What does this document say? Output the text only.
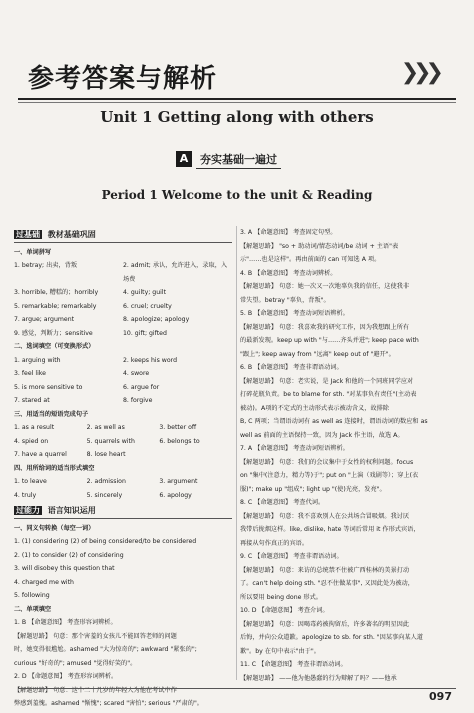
参考答案与解析	❯❯❯
Unit 1 Getting along with others
A	夯实基础一遍过
Period 1 Welcome to the unit & Reading
过基础 教材基础巩固
一、单词拼写
1. betray; 出卖，背叛	2. admit; 承认，允许进入，录取，入场费
3. horrible, 糟糕的；horribly	4. guilty; guilt
5. remarkable; remarkably	6. cruel; cruelty
7. argue; argument	8. apologize; apology
9. 感觉，判断力；sensitive	10. gift; gifted
二、选词填空（可变换形式）
1. arguing with	2. keeps his word
3. feel like	4. swore
5. is more sensitive to	6. argue for
7. stared at	8. forgive
三、用适当的短语完成句子
1. as a result	2. as well as	3. better off
4. spied on	5. quarrels with	6. belongs to
7. have a quarrel	8. lose heart
四、用所给词的适当形式填空
1. to leave	2. admission	3. argument
4. truly	5. sincerely	6. apology
过能力 语言知识运用
一、同义句转换（每空一词）
1. (1) considering (2) of being considered/to be considered
2. (1) to consider (2) of considering
3. will disobey this question that
4. charged me with
5. following
二、单项填空
1. B 【命题意图】 考查形容词辨析。
【解题思路】 句意：那个害羞的女孩儿不能回答老师的问题
时，她变得很尴尬。ashamed "大为惊奇的"; awkward "紧张的";
curious "好奇的"; amused "觉得好笑的"。
2. D 【命题意图】 考查形容词辨析。
【解题思路】 句意：这个二十几岁的年轻人为他在考试中作
弊感到羞愧。ashamed "惭愧"; scared "害怕"; serious "严肃的"。
3. A 【命题意图】 考查固定句型。
【解题思路】 "so + 助动词/情态动词/be 动词 + 主语"表
示"……也是这样"。再由前面的 can 可知选 A 项。
4. B 【命题意图】 考查动词辨析。
【解题思路】 句意：她一次又一次地辜负我的信任，这使我非
常失望。betray "辜负，背叛"。
5. B 【命题意图】 考查动词短语辨析。
【解题思路】 句意：我喜欢我的研究工作，因为我想跟上所有
的最新发现。keep up with "与……齐头并进"; keep pace with
"跟上"; keep away from "远离" keep out of "避开"。
6. B 【命题意图】 考查非谓语动词。
【解题思路】 句意：老实说，是 Jack 和他的一个同班同学应对
打碎花瓶负责。be to blame for sth. "对某事负有责任"(主动表
被动)。A项的不定式的主动形式表示被动含义，故排除
B, C 两项；当谓语动词有 as well as 连接时，谓语动词的数应和 as
well as 前面的主语保持一致，因为 Jack 作主语，故选 A。
7. A 【命题意图】 考查动词短语辨析。
【解题思路】 句意：我们的会议集中于女性的权利问题。focus
on "集中(注意力，精力等)于"; put on "上演（戏剧等）；穿上(衣
服)"; make up "组成"; light up "(使)光亮，发亮"。
8. C 【命题意图】 考查代词。
【解题思路】 句意：我不喜欢别人在公共场合冒吸烟。我讨厌
我带后拢烟这样。like, dislike, hate 等词后常用 it 作形式宾语，
再接从句作真正的宾语。
9. C 【命题意图】 考查非谓语动词。
【解题思路】 句意：来访的总统禁不住被广西桂林的美景打动
了。can't help doing sth. "忍不住做某事", 又因此处为被动，
所以要用 being done 形式。
10. D 【命题意图】 考查介词。
【解题思路】 句意：因喝毒药被拘留后，许多著名的明星因此
后悔，并向公众道歉。apologize to sb. for sth. "因某事向某人道
歉"。by 在句中表示"由于"。
11. C 【命题意图】 考查非谓语动词。
【解题思路】 ——他为他愚蠢的行为辩解了吗？——他承
097
